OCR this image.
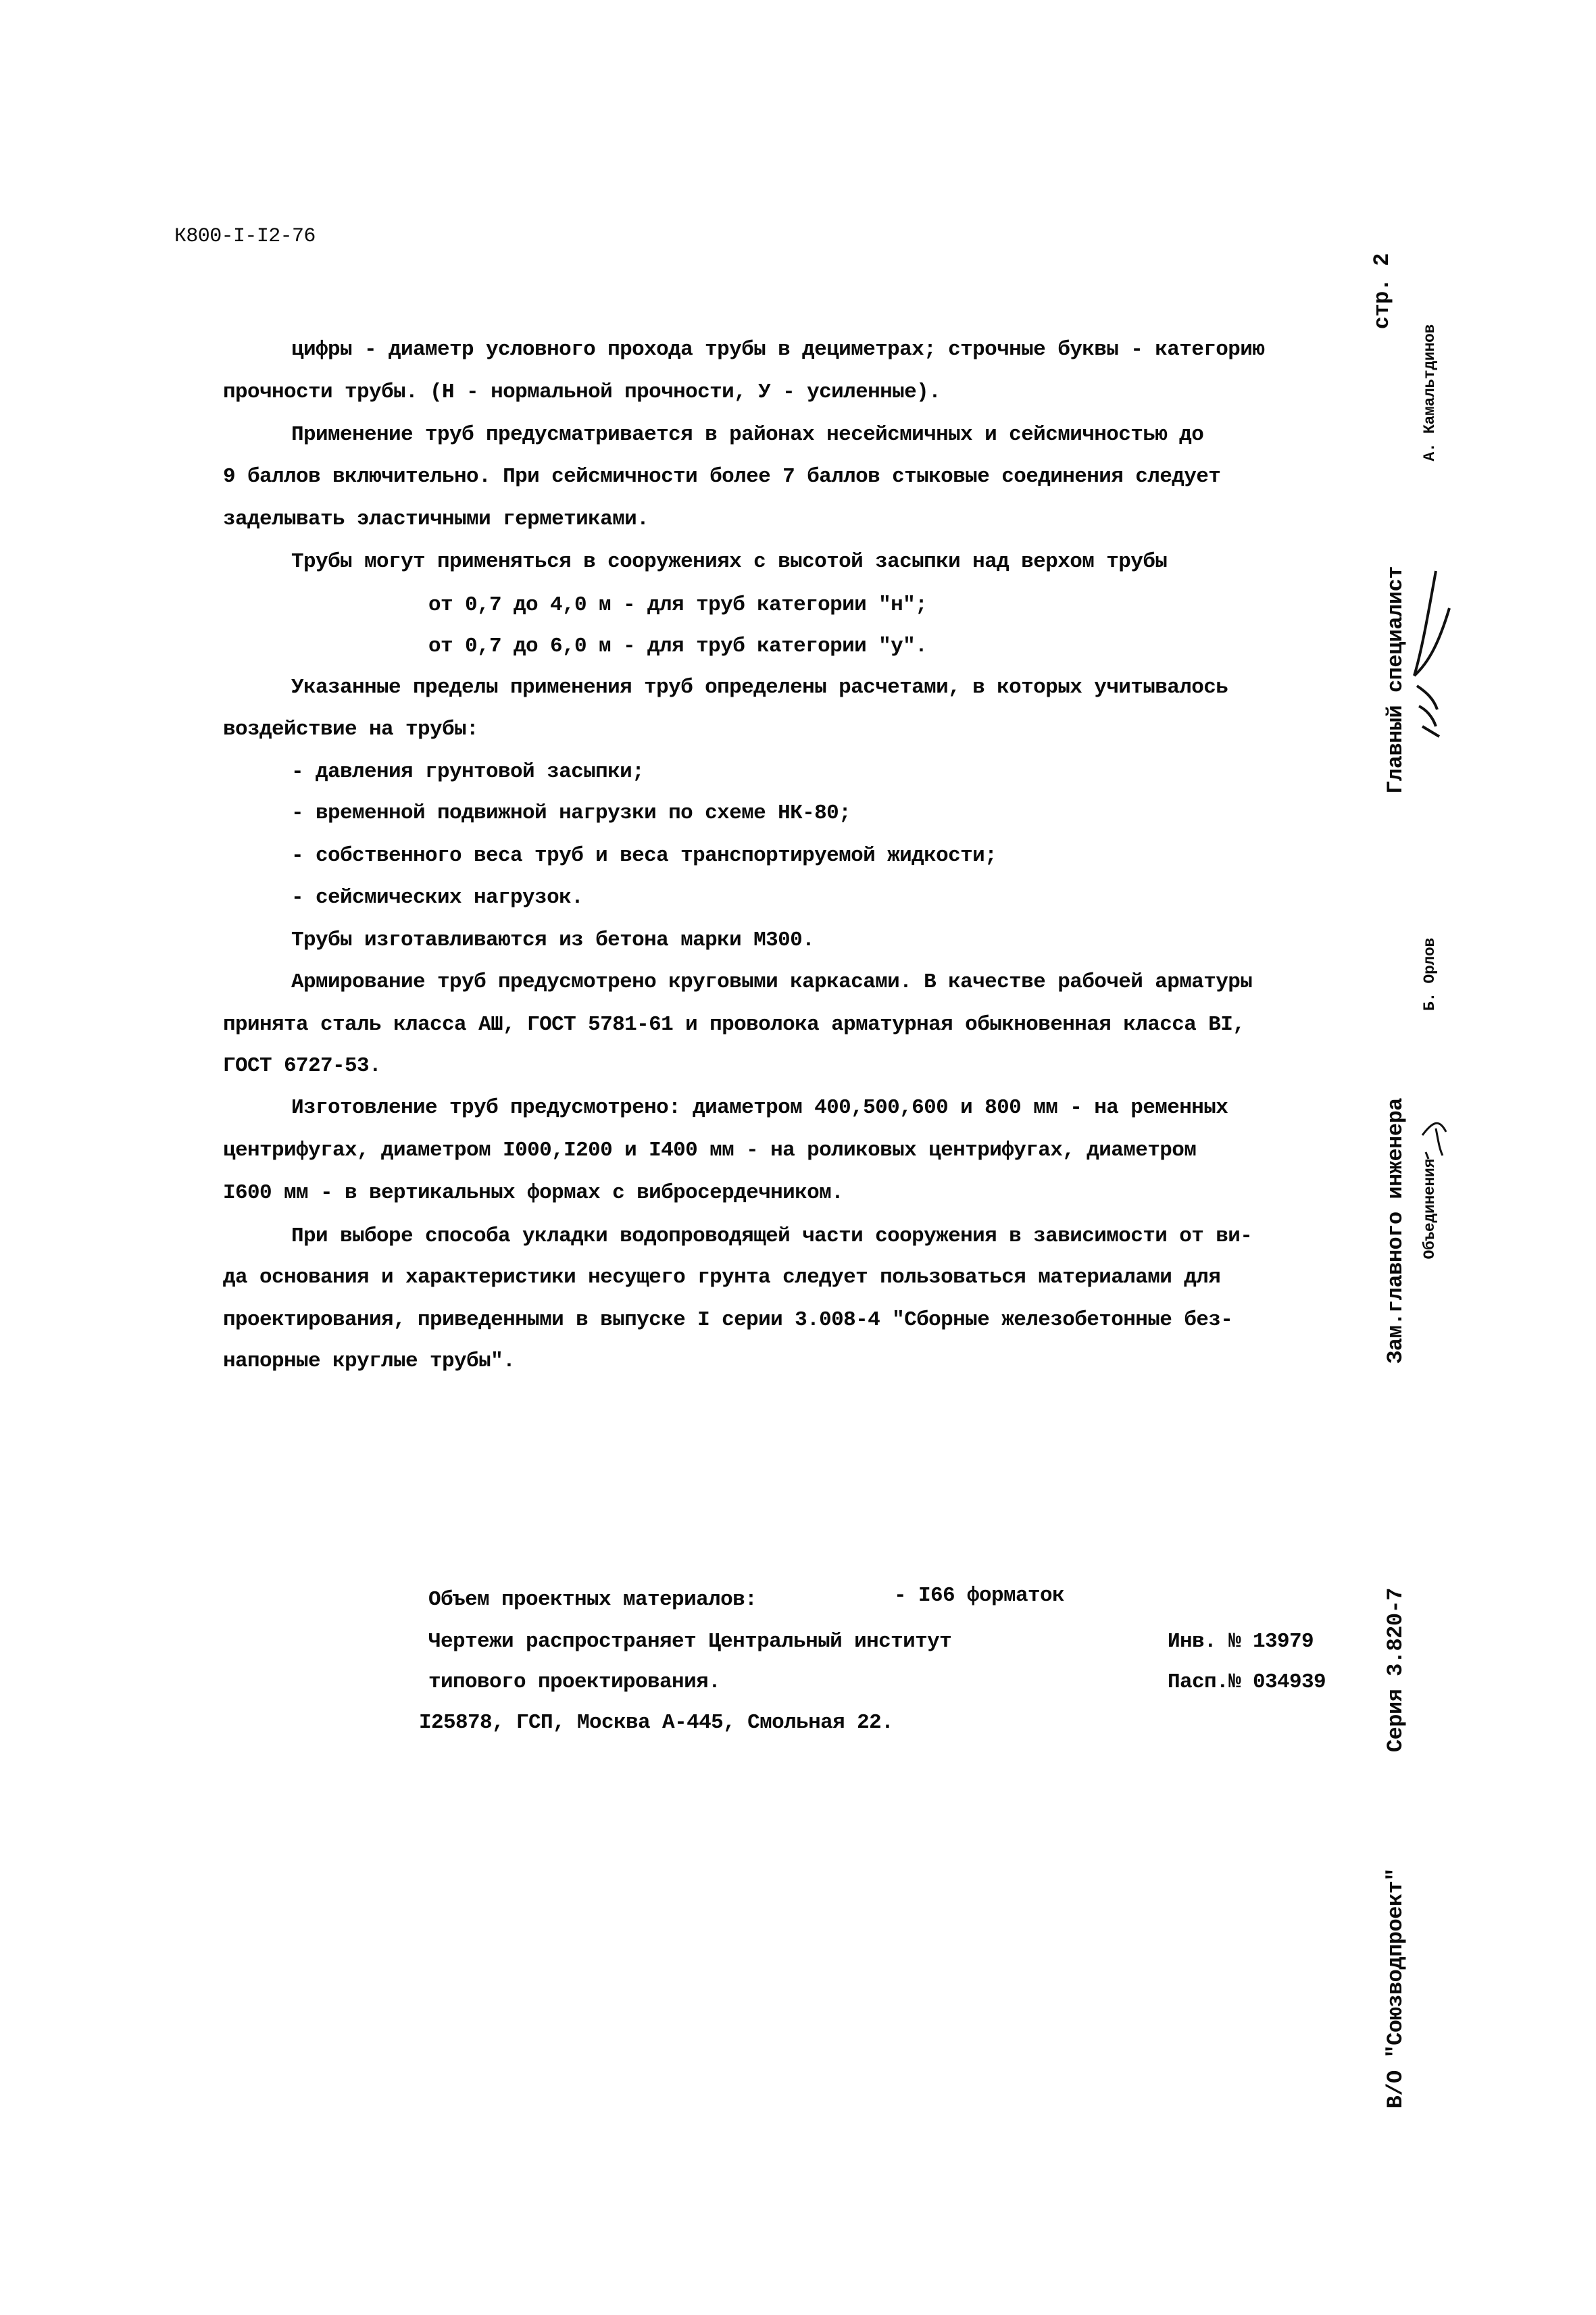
К800-I-I2-76
цифры - диаметр условного прохода трубы в дециметрах; строчные буквы - категорию
прочности трубы. (Н - нормальной прочности, У - усиленные).
Применение труб предусматривается в районах несейсмичных и сейсмичностью до
9 баллов включительно. При сейсмичности более 7 баллов стыковые соединения следует
заделывать эластичными герметиками.
Трубы могут применяться в сооружениях с высотой засыпки над верхом трубы
от 0,7 до 4,0 м - для труб категории "н";
от 0,7 до 6,0 м - для труб категории "у".
Указанные пределы применения труб определены расчетами, в которых учитывалось
воздействие на трубы:
- давления грунтовой засыпки;
- временной подвижной нагрузки по схеме НК-80;
- собственного веса труб и веса транспортируемой жидкости;
- сейсмических нагрузок.
Трубы изготавливаются из бетона марки М300.
Армирование труб предусмотрено круговыми каркасами. В качестве рабочей арматуры
принята сталь класса АШ, ГОСТ 5781-61 и проволока арматурная обыкновенная класса ВI,
ГОСТ 6727-53.
Изготовление труб предусмотрено: диаметром 400,500,600 и 800 мм - на ременных
центрифугах, диаметром I000,I200 и I400 мм - на роликовых центрифугах, диаметром
I600 мм - в вертикальных формах с вибросердечником.
При выборе способа укладки водопроводящей части сооружения в зависимости от ви-
да основания и характеристики несущего грунта следует пользоваться материалами для
проектирования, приведенными в выпуске I серии 3.008-4 "Сборные железобетонные без-
напорные круглые трубы".
Объем проектных материалов:	- I66 форматок
Чертежи распространяет Центральный институт	Инв. № 13979
типового проектирования.	Пасп.№ 034939
I25878, ГСП, Москва А-445, Смольная 22.
стр. 2
Главный специалист
А. Камальтдинов
Зам.главного инженера Объединения
Б. Орлов
Серия 3.820-7
В/О "Союзводпроект"
